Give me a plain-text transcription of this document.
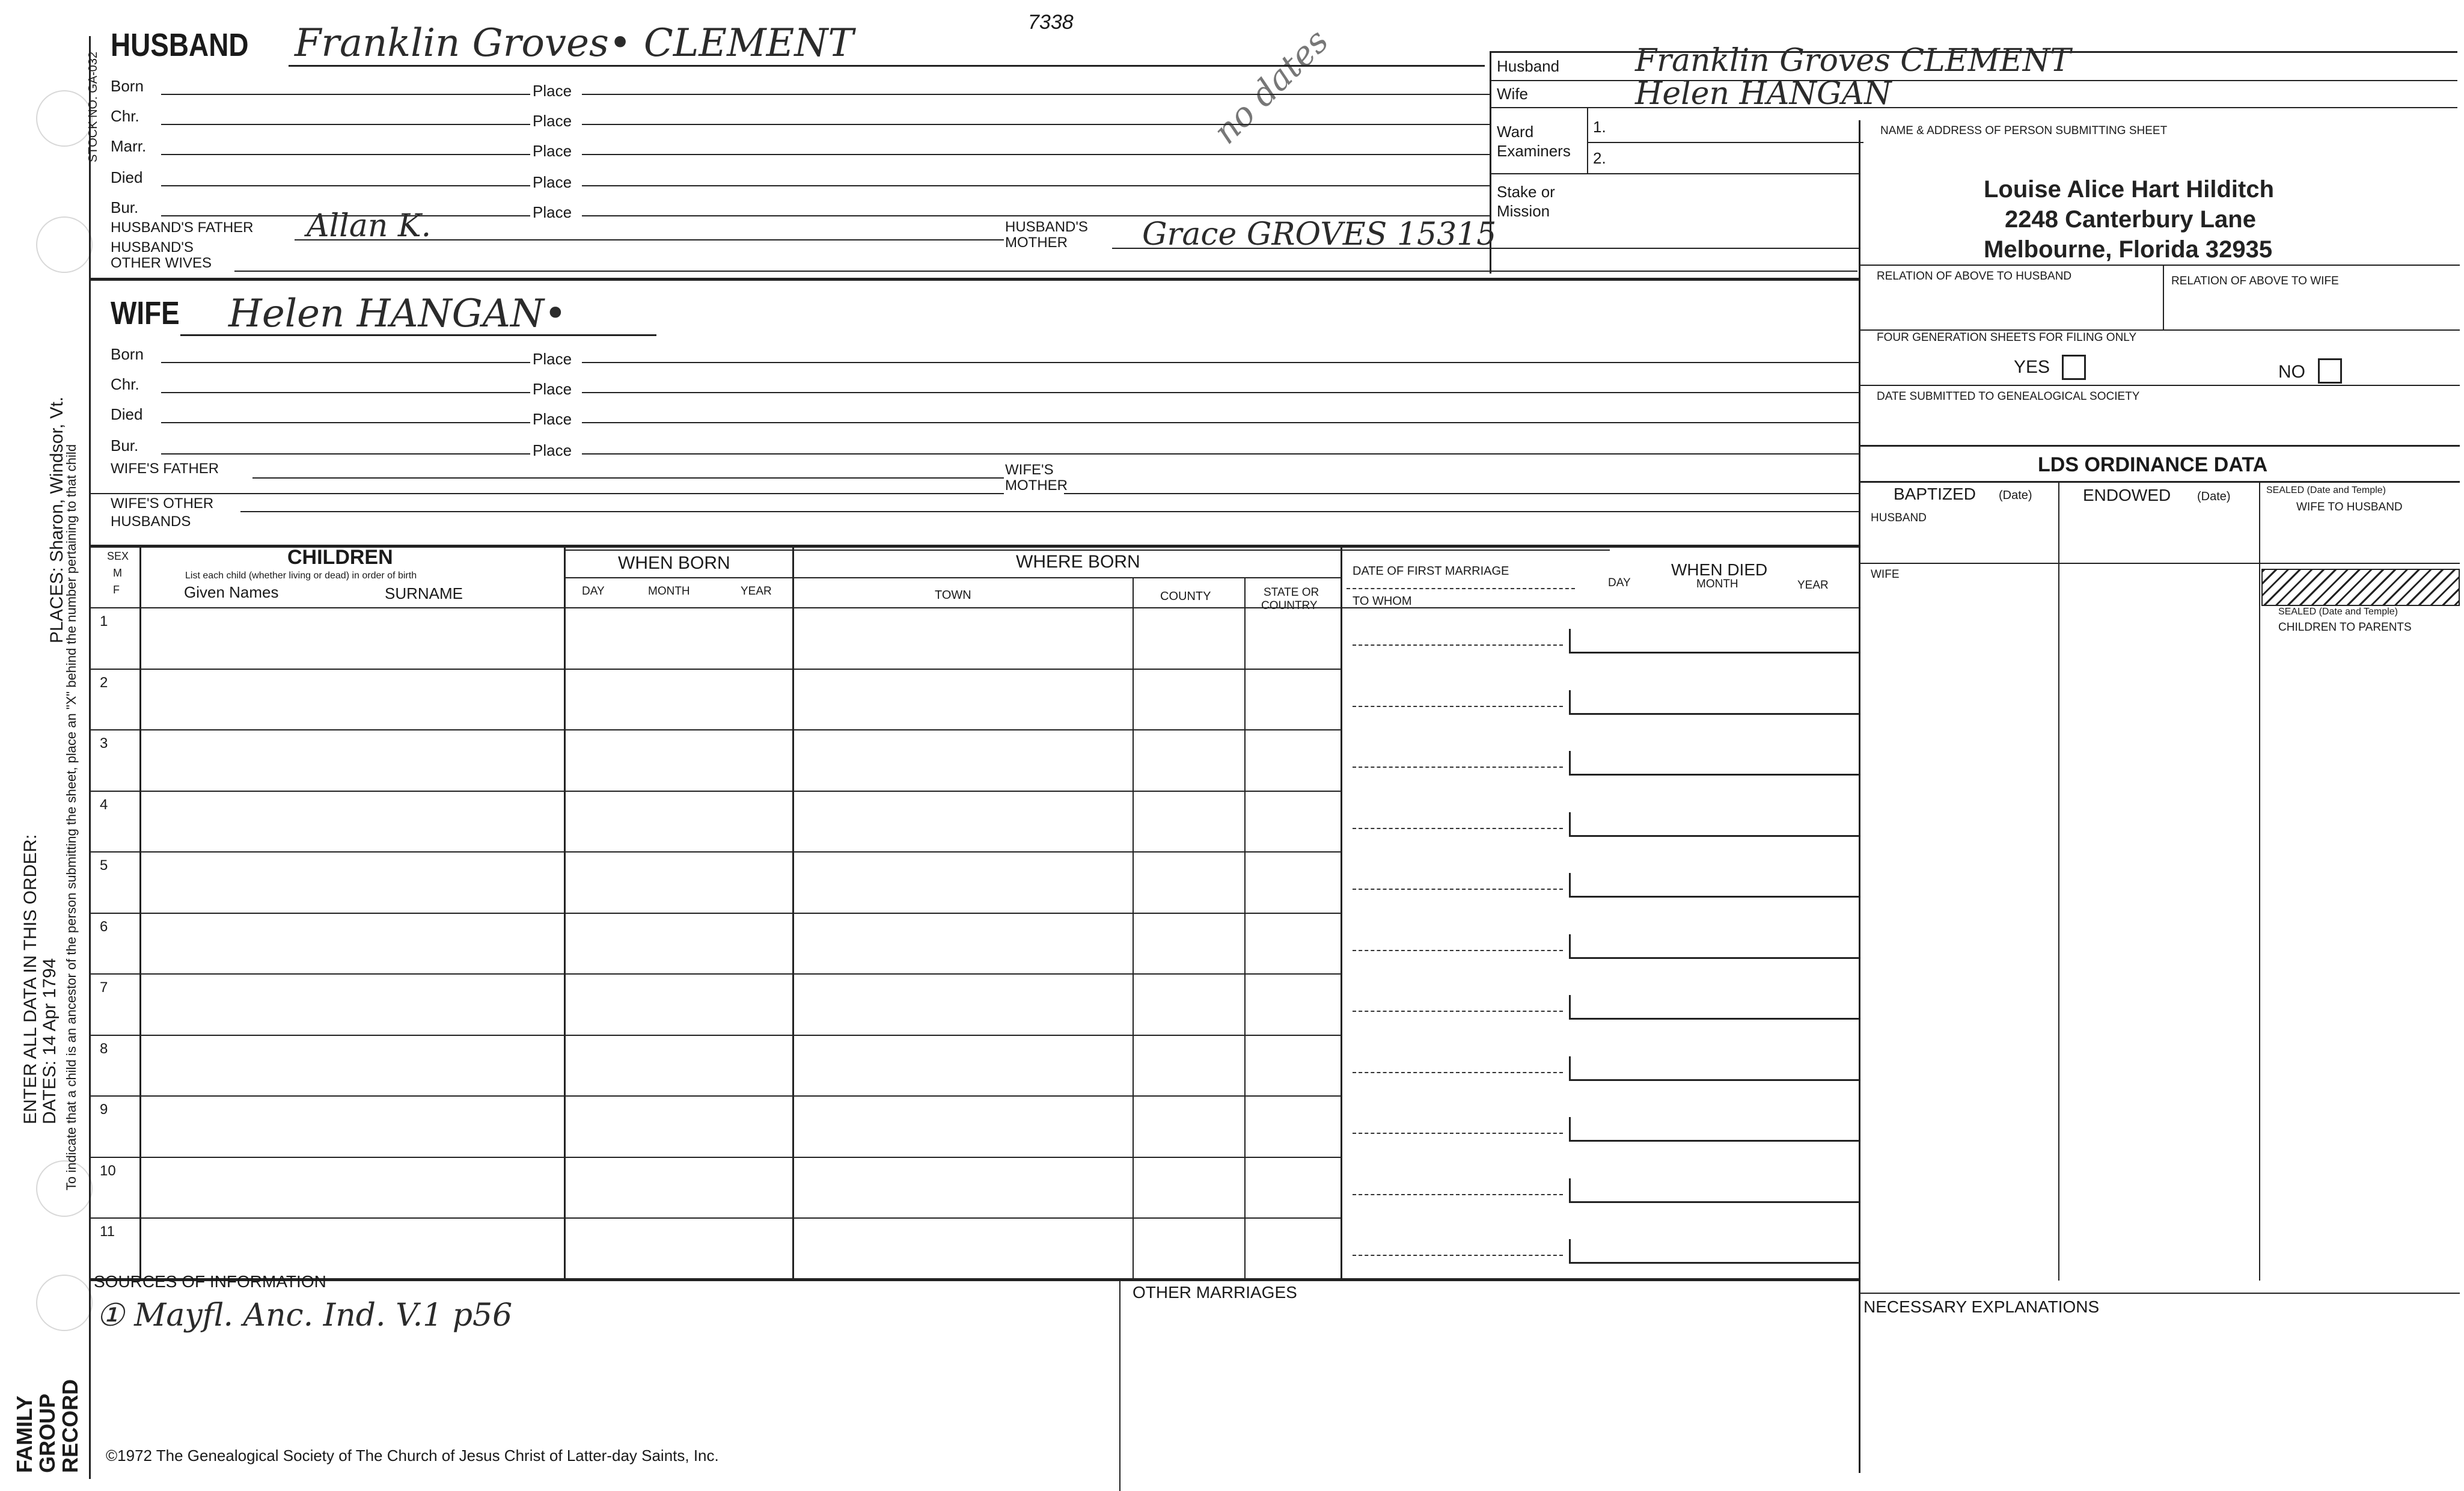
STOCK NO. GA-032
PLACES: Sharon, Windsor, Vt.
To indicate that a child is an ancestor of the person submitting the sheet, place an "X" behind the number pertaining to that child
ENTER ALL DATA IN THIS ORDER: DATES: 14 Apr 1794
FAMILY GROUP RECORD
HUSBAND Franklin Groves• CLEMENT	7338	no dates
Born	Place
Chr.	Place
Marr.	Place
Died	Place
Bur.	Place
HUSBAND'S FATHER Allan K.	HUSBAND'S
MOTHER Grace GROVES 15315
HUSBAND'S
OTHER WIVES
Husband Franklin Groves CLEMENT
Wife	Helen HANGAN
Ward
Examiners
1.
2.
Stake or
Mission
NAME & ADDRESS OF PERSON SUBMITTING SHEET
Louise Alice Hart Hilditch
2248 Canterbury Lane
Melbourne, Florida 32935
RELATION OF ABOVE TO HUSBAND	RELATION OF ABOVE TO WIFE
FOUR GENERATION SHEETS FOR FILING ONLY
YES	NO
DATE SUBMITTED TO GENEALOGICAL SOCIETY
LDS ORDINANCE DATA
BAPTIZED (Date)	ENDOWED (Date)	SEALED (Date and Temple)
WIFE TO HUSBAND
HUSBAND
WIFE
SEALED (Date and Temple)
CHILDREN TO PARENTS
WIFE Helen HANGAN•
Born	Place
Chr.	Place
Died	Place
Bur.	Place
WIFE'S FATHER	WIFE'S
MOTHER
WIFE'S OTHER
HUSBANDS
SEX
M
F
CHILDREN
List each child (whether living or dead) in order of birth
Given Names	SURNAME
WHEN BORN
DAY	MONTH	YEAR
WHERE BORN
TOWN	COUNTY	STATE OR
COUNTRY
DATE OF FIRST MARRIAGE
TO WHOM
WHEN DIED
DAY	MONTH	YEAR
1
2
3
4
5
6
7
8
9
10
11
SOURCES OF INFORMATION
① Mayfl. Anc. Ind. V.1 p56
OTHER MARRIAGES
NECESSARY EXPLANATIONS
©1972 The Genealogical Society of The Church of Jesus Christ of Latter-day Saints, Inc.
